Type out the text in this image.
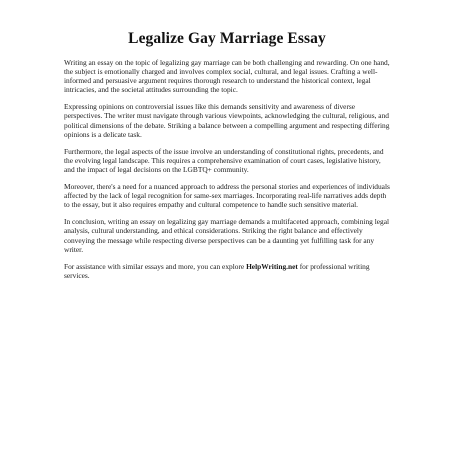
Legalize Gay Marriage Essay

Writing an essay on the topic of legalizing gay marriage can be both challenging and rewarding. On one hand, the subject is emotionally charged and involves complex social, cultural, and legal issues. Crafting a well-informed and persuasive argument requires thorough research to understand the historical context, legal intricacies, and the societal attitudes surrounding the topic.

Expressing opinions on controversial issues like this demands sensitivity and awareness of diverse perspectives. The writer must navigate through various viewpoints, acknowledging the cultural, religious, and political dimensions of the debate. Striking a balance between a compelling argument and respecting differing opinions is a delicate task.

Furthermore, the legal aspects of the issue involve an understanding of constitutional rights, precedents, and the evolving legal landscape. This requires a comprehensive examination of court cases, legislative history, and the impact of legal decisions on the LGBTQ+ community.

Moreover, there's a need for a nuanced approach to address the personal stories and experiences of individuals affected by the lack of legal recognition for same-sex marriages. Incorporating real-life narratives adds depth to the essay, but it also requires empathy and cultural competence to handle such sensitive material.

In conclusion, writing an essay on legalizing gay marriage demands a multifaceted approach, combining legal analysis, cultural understanding, and ethical considerations. Striking the right balance and effectively conveying the message while respecting diverse perspectives can be a daunting yet fulfilling task for any writer.

For assistance with similar essays and more, you can explore HelpWriting.net for professional writing services.
